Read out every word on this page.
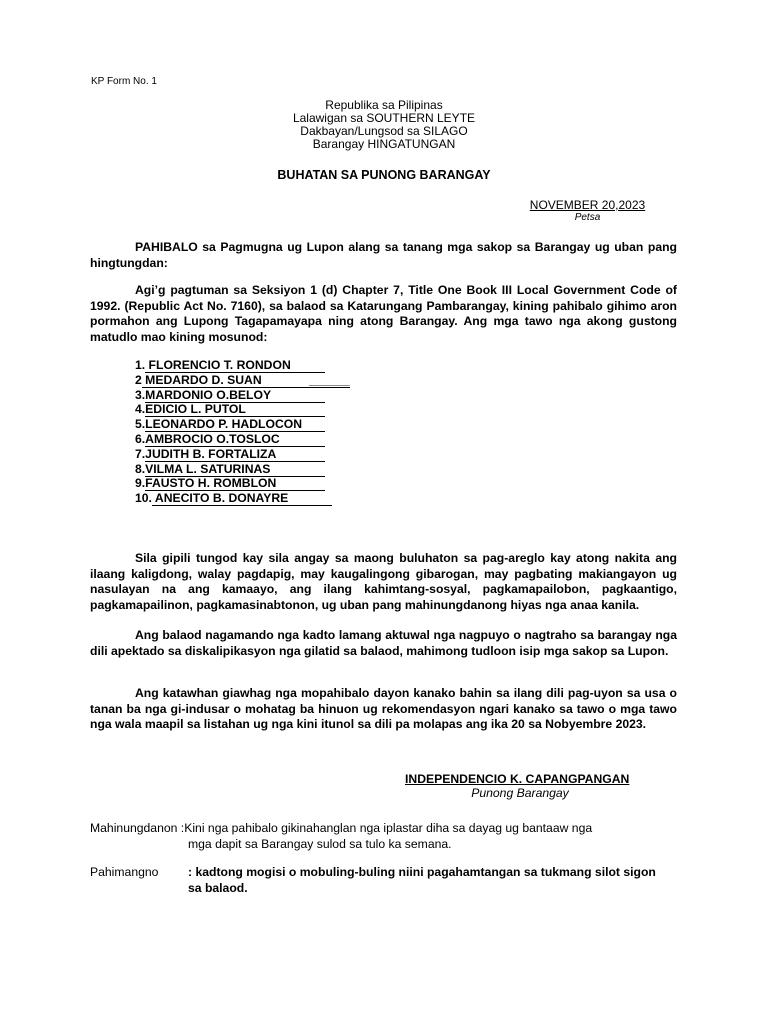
KP Form No. 1
Republika sa Pilipinas
Lalawigan sa SOUTHERN LEYTE
Dakbayan/Lungsod sa SILAGO
Barangay HINGATUNGAN
BUHATAN SA PUNONG BARANGAY
NOVEMBER 20,2023
Petsa
PAHIBALO sa Pagmugna ug Lupon alang sa tanang mga sakop sa Barangay ug uban pang hingtungdan:
Agi’g pagtuman sa Seksiyon 1 (d) Chapter 7, Title One Book III Local Government Code of 1992. (Republic Act No. 7160), sa balaod sa Katarungang Pambarangay, kining pahibalo gihimo aron pormahon ang Lupong Tagapamayapa ning atong Barangay. Ang mga tawo nga akong gustong matudlo mao kining mosunod:
1. FLORENCIO T. RONDON
2 MEDARDO D. SUAN              ______
3.MARDONIO O.BELOY
4.EDICIO L. PUTOL
5.LEONARDO P. HADLOCON
6.AMBROCIO O.TOSLOC
7.JUDITH B. FORTALIZA
8.VILMA L. SATURINAS
9.FAUSTO H. ROMBLON
10. ANECITO B. DONAYRE
Sila gipili tungod kay sila angay sa maong buluhaton sa pag-areglo kay atong nakita ang ilaang kaligdong, walay pagdapig, may kaugalingong gibarogan, may pagbating makiangayon ug nasulayan na ang kamaayo, ang ilang kahimtang-sosyal, pagkamapailobon, pagkaantigo, pagkamapailinon, pagkamasinabtonon, ug uban pang mahinungdanong hiyas nga anaa kanila.
Ang balaod nagamando nga kadto lamang aktuwal nga nagpuyo o nagtraho sa barangay nga dili apektado sa diskalipikasyon nga gilatid sa balaod, mahimong tudloon isip mga sakop sa Lupon.
Ang katawhan giawhag nga mopahibalo dayon kanako bahin sa ilang dili pag-uyon sa usa o tanan ba nga gi-indusar o mohatag ba hinuon ug rekomendasyon ngari kanako sa tawo o mga tawo nga wala maapil sa listahan ug nga kini itunol sa dili pa molapas ang ika 20 sa Nobyembre 2023.
INDEPENDENCIO K. CAPANGPANGAN
Punong Barangay
Mahinungdanon :Kini nga pahibalo gikinahanglan nga iplastar diha sa dayag ug bantaaw nga
mga dapit sa Barangay sulod sa tulo ka semana.
Pahimangno : kadtong mogisi o mobuling-buling niini pagahamtangan sa tukmang silot sigon
sa balaod.
